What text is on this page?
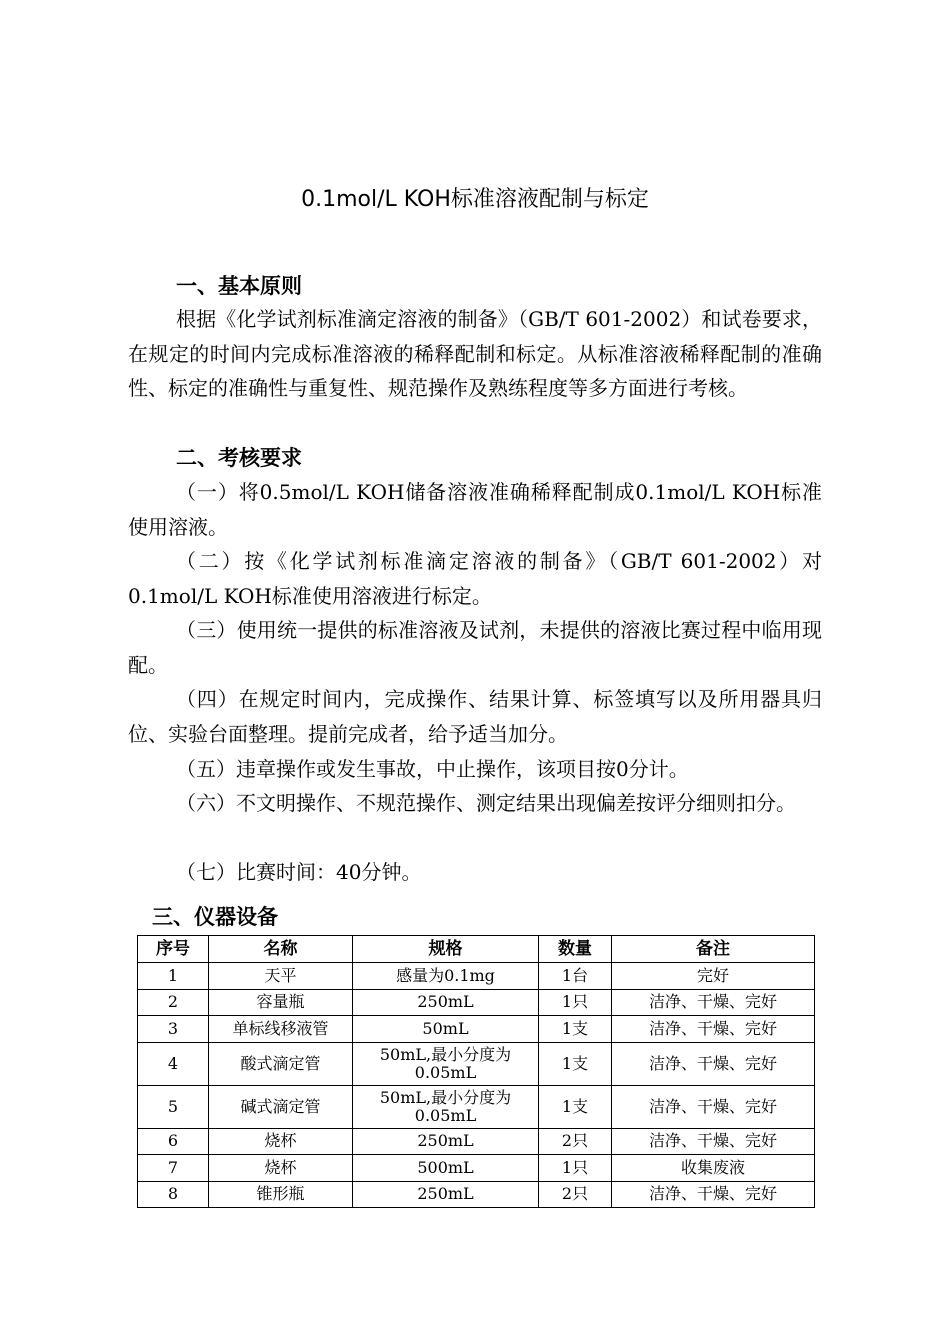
0.1mol/L KOH标准溶液配制与标定
一、基本原则

根据《化学试剂标准滴定溶液的制备》（GB/T 601-2002）和试卷要求，在规定的时间内完成标准溶液的稀释配制和标定。从标准溶液稀释配制的准确性、标定的准确性与重复性、规范操作及熟练程度等多方面进行考核。

二、考核要求

（一）将0.5mol/L KOH储备溶液准确稀释配制成0.1mol/L KOH标准使用溶液。

（二）按《化学试剂标准滴定溶液的制备》（GB/T 601-2002）对0.1mol/L KOH标准使用溶液进行标定。

（三）使用统一提供的标准溶液及试剂，未提供的溶液比赛过程中临用现配。

（四）在规定时间内，完成操作、结果计算、标签填写以及所用器具归位、实验台面整理。提前完成者，给予适当加分。

（五）违章操作或发生事故，中止操作，该项目按0分计。

（六）不文明操作、不规范操作、测定结果出现偏差按评分细则扣分。

（七）比赛时间：40分钟。

三、仪器设备
序号	名称	规格	数量	备注
1	天平	感量为0.1mg	1台	完好
2	容量瓶	250mL	1只	洁净、干燥、完好
3	单标线移液管	50mL	1支	洁净、干燥、完好
4	酸式滴定管	50mL,最小分度为0.05mL	1支	洁净、干燥、完好
5	碱式滴定管	50mL,最小分度为0.05mL	1支	洁净、干燥、完好
6	烧杯	250mL	2只	洁净、干燥、完好
7	烧杯	500mL	1只	收集废液
8	锥形瓶	250mL	2只	洁净、干燥、完好
